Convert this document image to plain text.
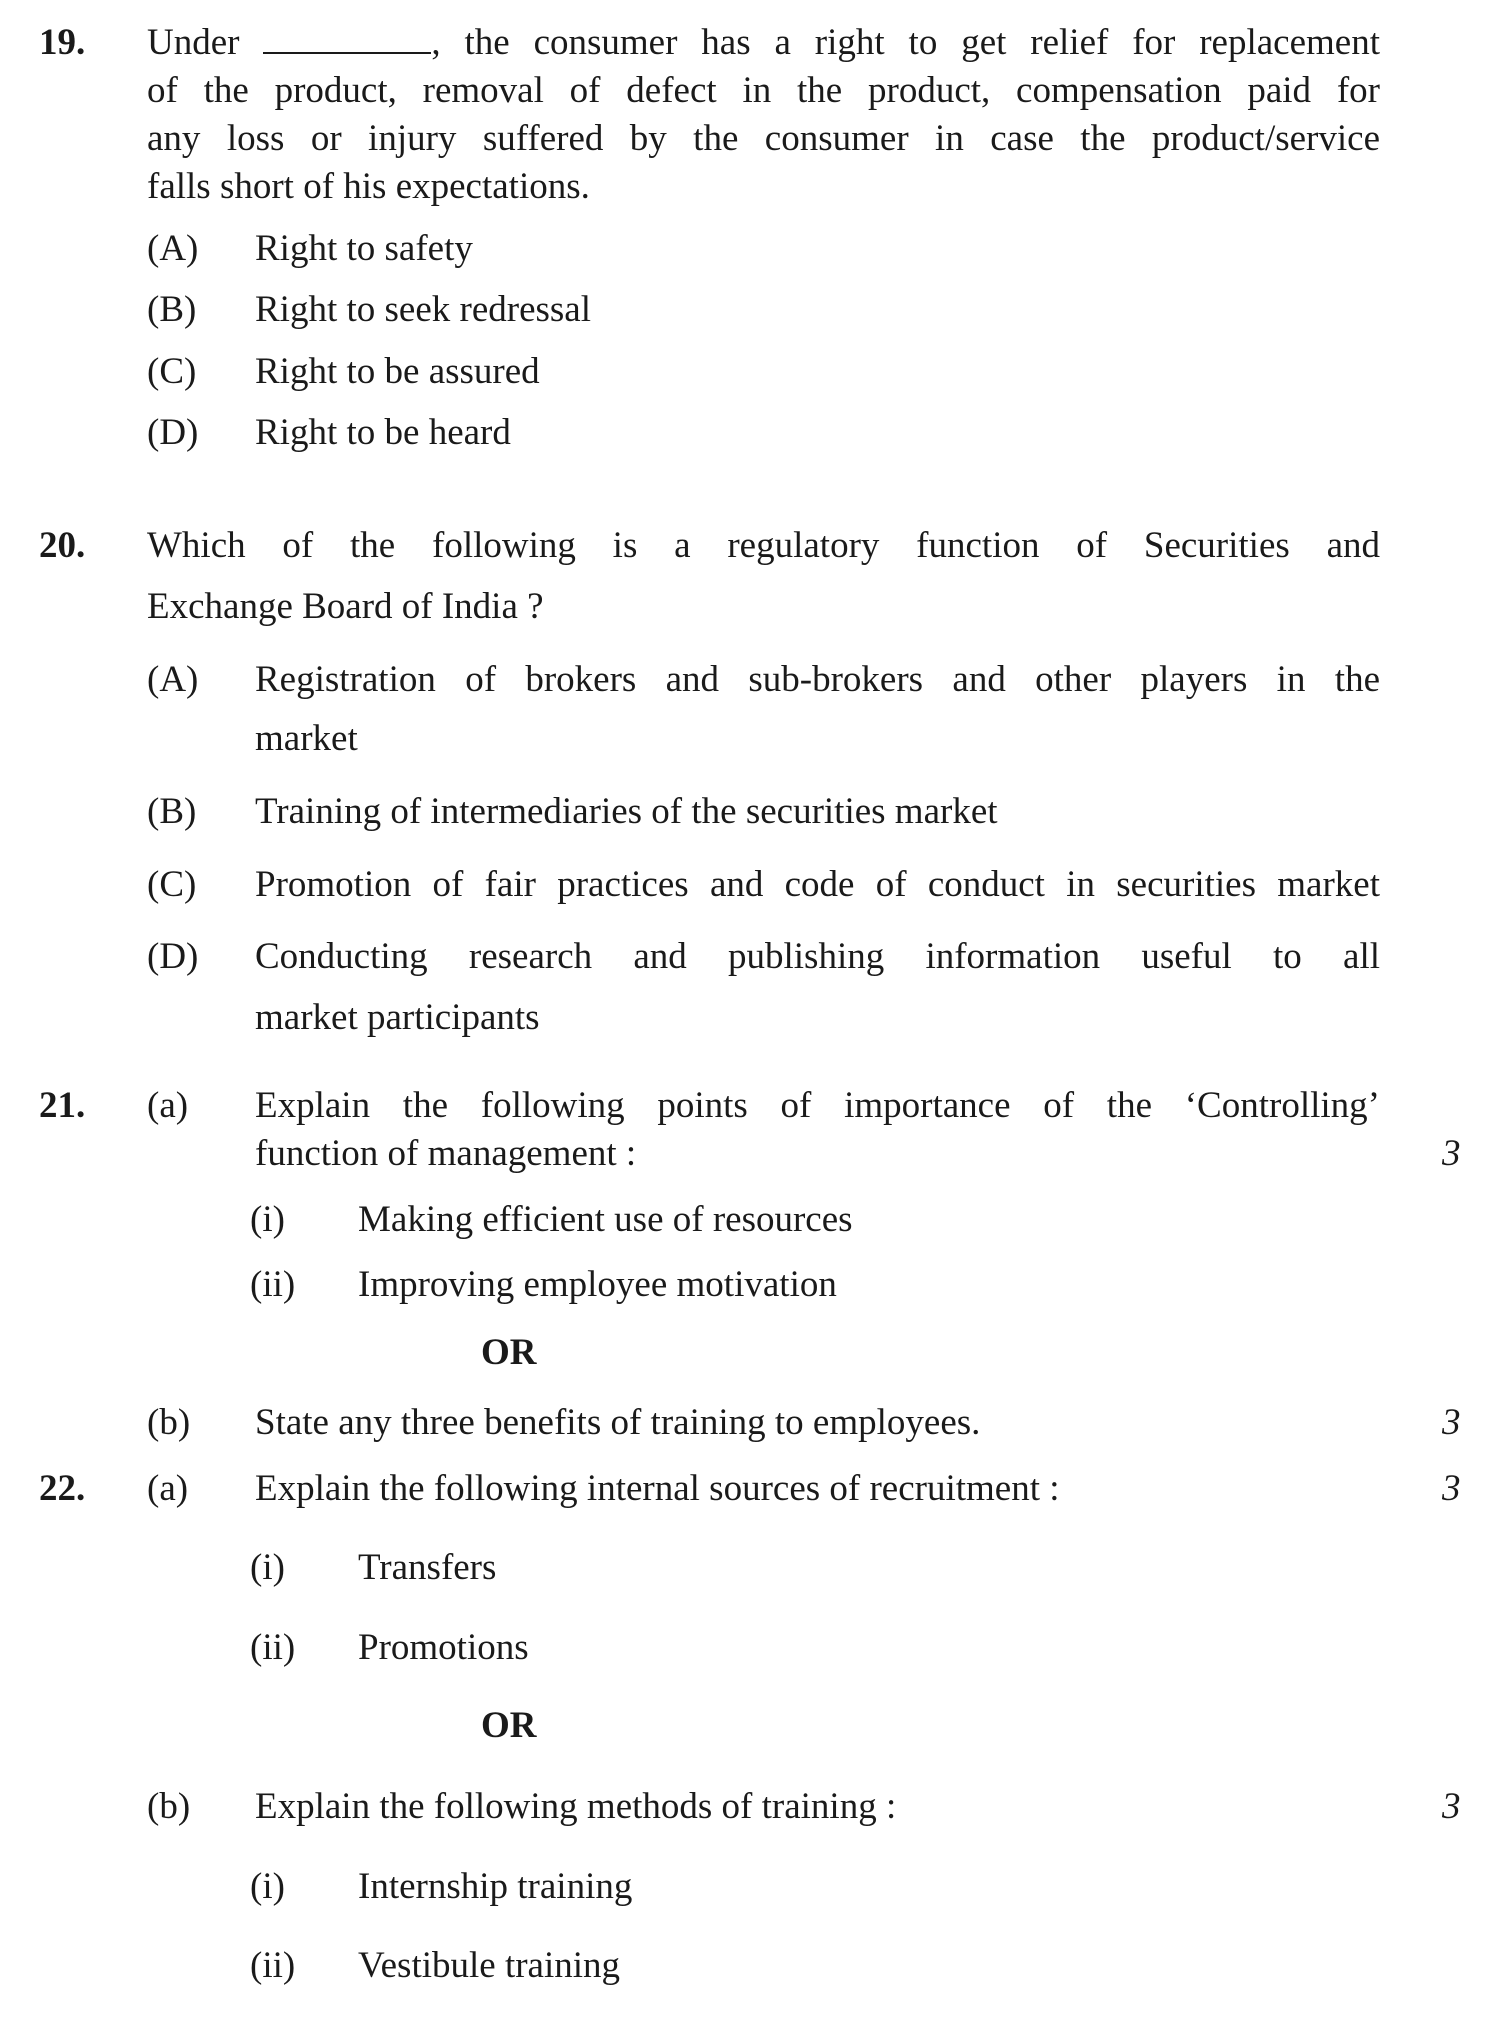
19. Under	, the consumer has a right to get relief for replacement
of the product, removal of defect in the product, compensation paid for
any loss or injury suffered by the consumer in case the product/service
falls short of his expectations.
(A) Right to safety
(B) Right to seek redressal
(C) Right to be assured
(D) Right to be heard
20. Which of the following is a regulatory function of Securities and
Exchange Board of India ?
(A) Registration of brokers and sub-brokers and other players in the
market
(B) Training of intermediaries of the securities market
(C) Promotion of fair practices and code of conduct in securities market
(D) Conducting research and publishing information useful to all
market participants
21. (a) Explain the following points of importance of the ‘Controlling’
function of management :	3
(i) Making efficient use of resources
(ii) Improving employee motivation
OR
(b) State any three benefits of training to employees.	3
22. (a) Explain the following internal sources of recruitment :	3
(i) Transfers
(ii) Promotions
OR
(b) Explain the following methods of training :	3
(i) Internship training
(ii) Vestibule training
